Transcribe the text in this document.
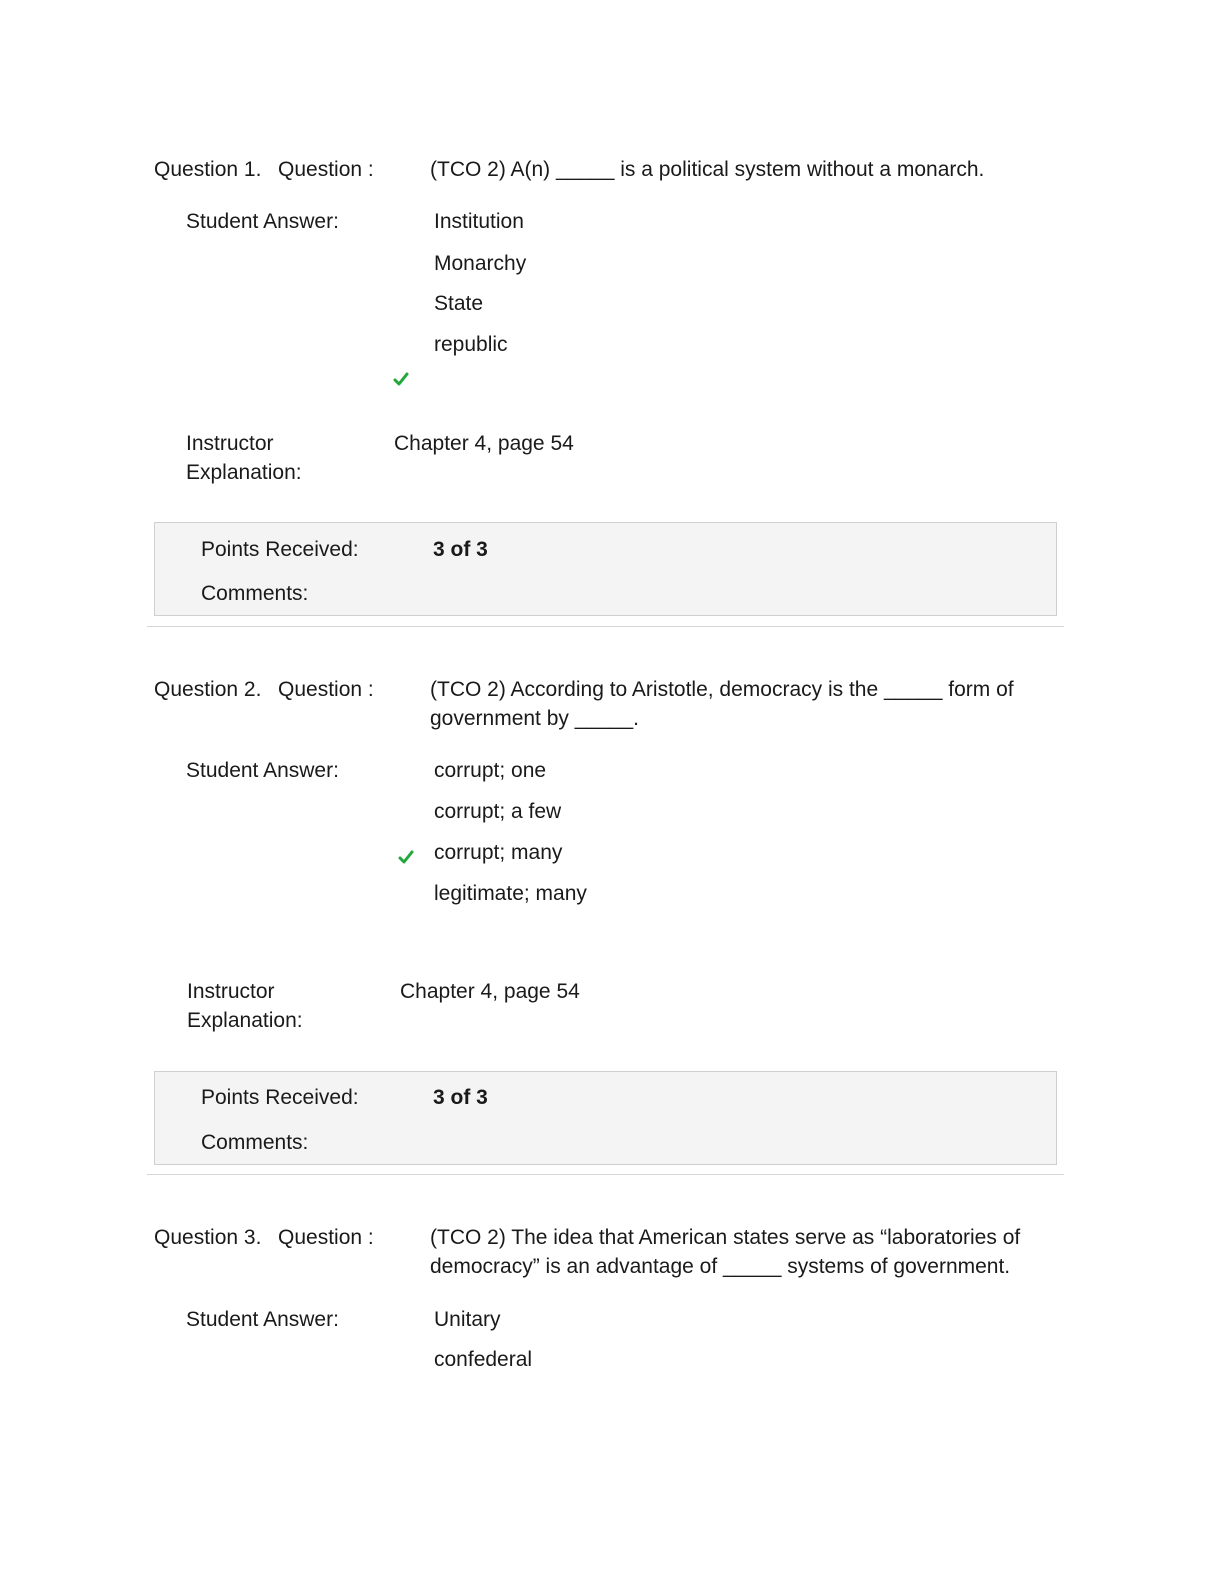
Question 1. Question :	(TCO 2) A(n) _____ is a political system without a monarch.
Student Answer:	Institution
Monarchy
State
republic
Instructor
Explanation:
Chapter 4, page 54
Points Received:	3 of 3
Comments:
Question 2. Question :	(TCO 2) According to Aristotle, democracy is the _____ form of
government by _____.
Student Answer:	corrupt; one
corrupt; a few
corrupt; many
legitimate; many
Instructor
Explanation:
Chapter 4, page 54
Points Received:	3 of 3
Comments:
Question 3. Question :	(TCO 2) The idea that American states serve as “laboratories of
democracy” is an advantage of _____ systems of government.
Student Answer:	Unitary
confederal
